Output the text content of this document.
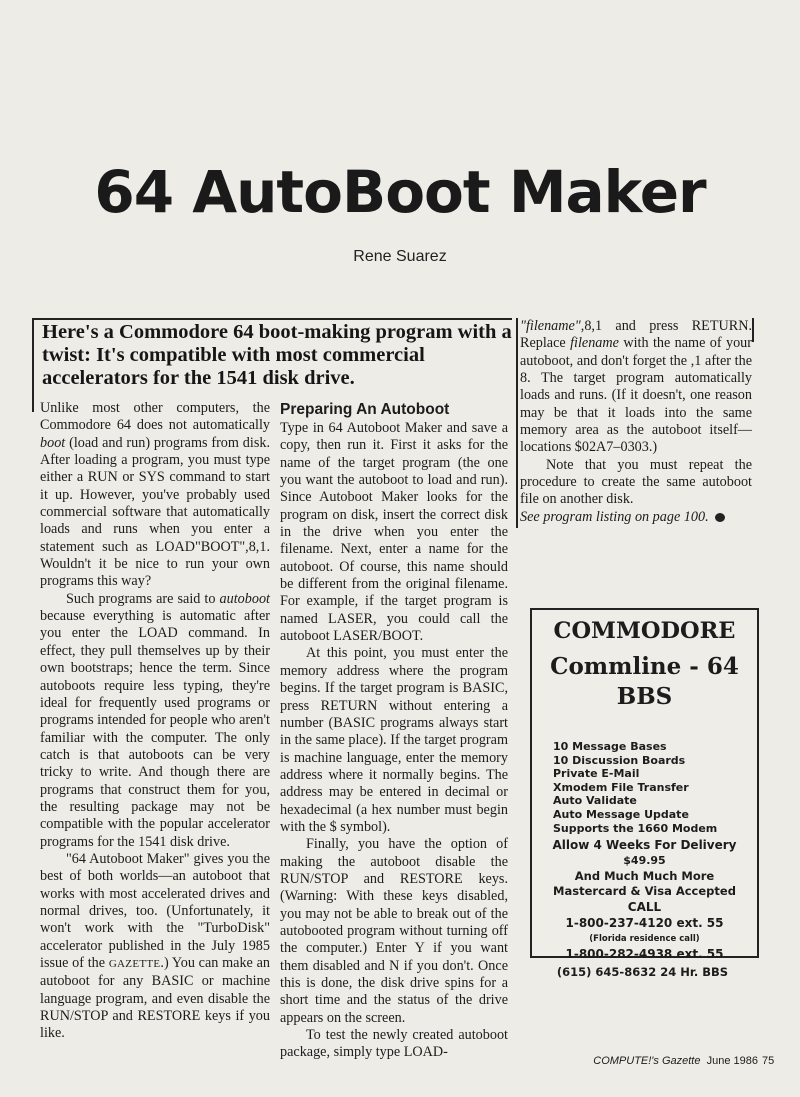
64 AutoBoot Maker
Rene Suarez
Here's a Commodore 64 boot-making program with a twist: It's compatible with most commercial accelerators for the 1541 disk drive.

Unlike most other computers, the Commodore 64 does not automatically boot (load and run) programs from disk. After loading a program, you must type either a RUN or SYS command to start it up. However, you've probably used commercial software that automatically loads and runs when you enter a statement such as LOAD"BOOT",8,1. Wouldn't it be nice to run your own programs this way?

Such programs are said to autoboot because everything is automatic after you enter the LOAD command. In effect, they pull themselves up by their own bootstraps; hence the term. Since autoboots require less typing, they're ideal for frequently used programs or programs intended for people who aren't familiar with the computer. The only catch is that autoboots can be very tricky to write. And though there are programs that construct them for you, the resulting package may not be compatible with the popular accelerator programs for the 1541 disk drive.

"64 Autoboot Maker" gives you the best of both worlds—an autoboot that works with most accelerated drives and normal drives, too. (Unfortunately, it won't work with the "TurboDisk" accelerator published in the July 1985 issue of the GAZETTE.) You can make an autoboot for any BASIC or machine language program, and even disable the RUN/STOP and RESTORE keys if you like.

Preparing An Autoboot

Type in 64 Autoboot Maker and save a copy, then run it. First it asks for the name of the target program (the one you want the autoboot to load and run). Since Autoboot Maker looks for the program on disk, insert the correct disk in the drive when you enter the filename. Next, enter a name for the autoboot. Of course, this name should be different from the original filename. For example, if the target program is named LASER, you could call the autoboot LASER/BOOT.

At this point, you must enter the memory address where the program begins. If the target program is BASIC, press RETURN without entering a number (BASIC programs always start in the same place). If the target program is machine language, enter the memory address where it normally begins. The address may be entered in decimal or hexadecimal (a hex number must begin with the $ symbol).

Finally, you have the option of making the autoboot disable the RUN/STOP and RESTORE keys. (Warning: With these keys disabled, you may not be able to break out of the autobooted program without turning off the computer.) Enter Y if you want them disabled and N if you don't. Once this is done, the disk drive spins for a short time and the status of the drive appears on the screen.

To test the newly created autoboot package, simply type LOAD-

"filename",8,1 and press RETURN. Replace filename with the name of your autoboot, and don't forget the ,1 after the 8. The target program automatically loads and runs. (If it doesn't, one reason may be that it loads into the same memory area as the autoboot itself—locations $02A7–0303.)

Note that you must repeat the procedure to create the same autoboot file on another disk.

See program listing on page 100.

COMMODORE
Commline - 64
BBS
10 Message Bases
10 Discussion Boards
Private E-Mail
Xmodem File Transfer
Auto Validate
Auto Message Update
Supports the 1660 Modem
Allow 4 Weeks For Delivery
$49.95
And Much Much More
Mastercard & Visa Accepted
CALL
1-800-237-4120 ext. 55
(Florida residence call)
1-800-282-4938 ext. 55
(615) 645-8632 24 Hr. BBS
COMPUTE!'s Gazette June 1986 75
